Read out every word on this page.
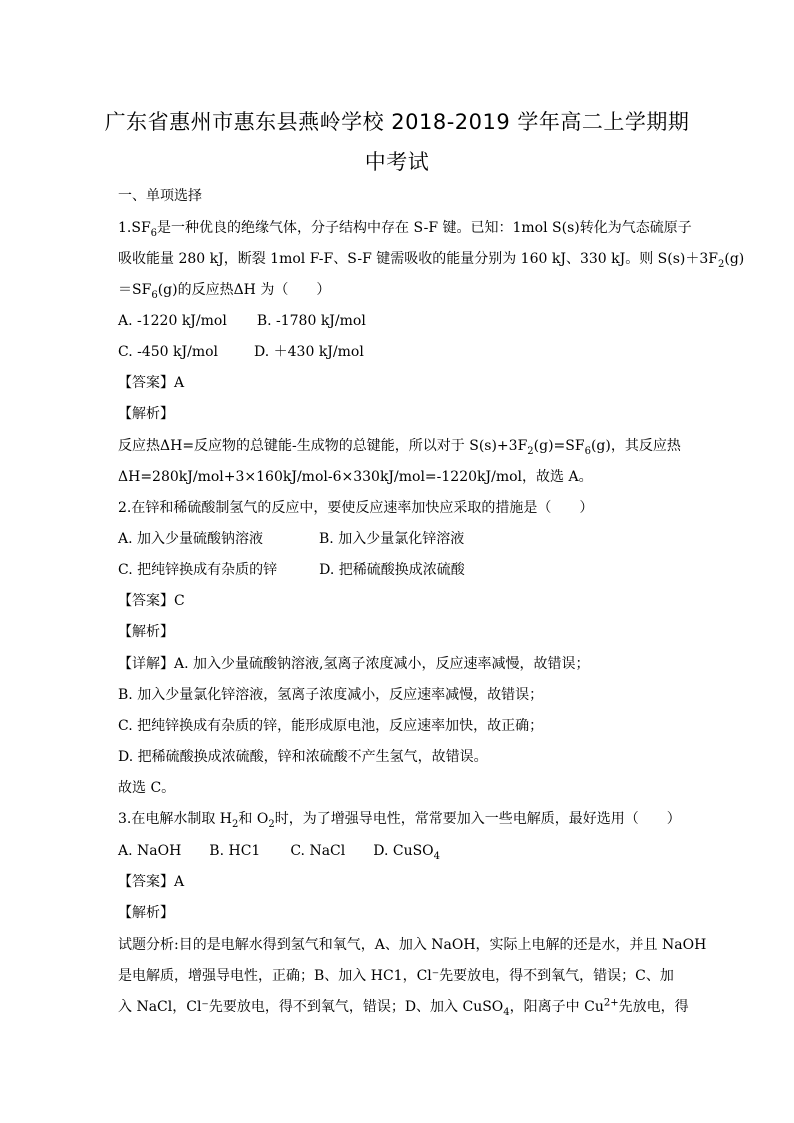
广东省惠州市惠东县燕岭学校 2018-2019 学年高二上学期期
中考试
一、单项选择
$1.SF_6$是一种优良的绝缘气体，分子结构中存在 S-F 键。已知：1mol S(s)转化为气态硫原子
吸收能量 280 kJ，断裂 1mol F-F、S-F 键需吸收的能量分别为 160 kJ、330 kJ。则 $S(s)+3F_2(g)$
$=SF_6(g)$的反应热ΔH 为（　　）
A. -1220 kJ/mol B. -1780 kJ/mol
C. -450 kJ/mol	D. ＋430 kJ/mol
【答案】A
【解析】
反应热ΔH=反应物的总键能-生成物的总键能，所以对于 $S(s)+3F_2(g)=SF_6(g)$，其反应热
ΔH=280kJ/mol+3×160kJ/mol-6×330kJ/mol=-1220kJ/mol，故选 A。
2.在锌和稀硫酸制氢气的反应中，要使反应速率加快应采取的措施是（　　）
A. 加入少量硫酸钠溶液	B. 加入少量氯化锌溶液
C. 把纯锌换成有杂质的锌	D. 把稀硫酸换成浓硫酸
【答案】C
【解析】
【详解】A. 加入少量硫酸钠溶液,氢离子浓度减小，反应速率减慢，故错误；
B. 加入少量氯化锌溶液，氢离子浓度减小，反应速率减慢，故错误；
C. 把纯锌换成有杂质的锌，能形成原电池，反应速率加快，故正确；
D. 把稀硫酸换成浓硫酸，锌和浓硫酸不产生氢气，故错误。
故选 C。
3.在电解水制取 $H_2$和 $O_2$时，为了增强导电性，常常要加入一些电解质，最好选用（　　）
A. NaOH B. HC1 C. NaCl D. CuSO$_4$
【答案】A
【解析】
试题分析:目的是电解水得到氢气和氧气，A、加入 NaOH，实际上电解的还是水，并且 NaOH
是电解质，增强导电性，正确；B、加入 HC1，Cl⁻先要放电，得不到氧气，错误；C、加
入 NaCl，Cl⁻先要放电，得不到氧气，错误；D、加入 CuSO$_4$，阳离子中 $Cu^{2+}$先放电，得
